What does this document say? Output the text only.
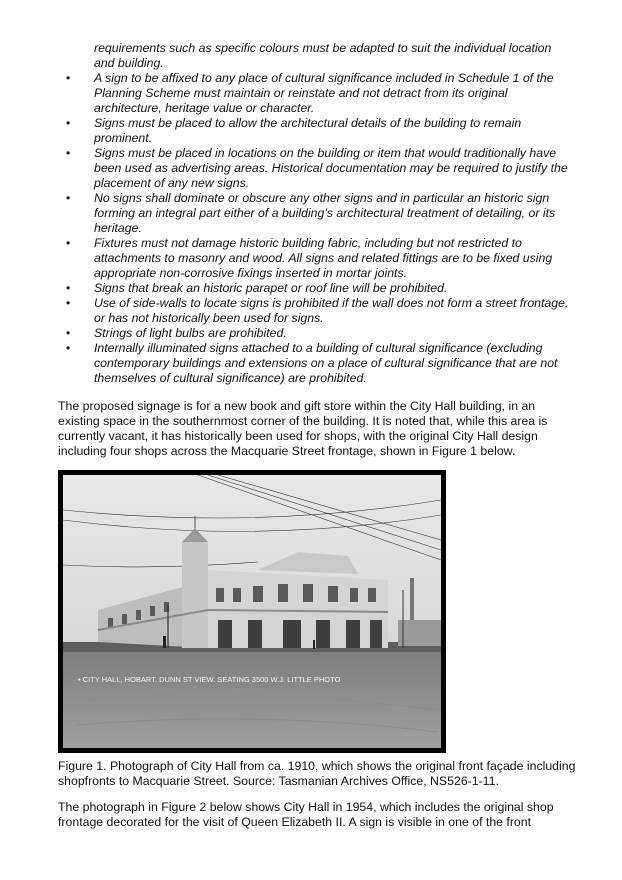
requirements such as specific colours must be adapted to suit the individual location and building.
• A sign to be affixed to any place of cultural significance included in Schedule 1 of the Planning Scheme must maintain or reinstate and not detract from its original architecture, heritage value or character.
• Signs must be placed to allow the architectural details of the building to remain prominent.
• Signs must be placed in locations on the building or item that would traditionally have been used as advertising areas. Historical documentation may be required to justify the placement of any new signs.
• No signs shall dominate or obscure any other signs and in particular an historic sign forming an integral part either of a building’s architectural treatment of detailing, or its heritage.
• Fixtures must not damage historic building fabric, including but not restricted to attachments to masonry and wood. All signs and related fittings are to be fixed using appropriate non-corrosive fixings inserted in mortar joints.
• Signs that break an historic parapet or roof line will be prohibited.
• Use of side-walls to locate signs is prohibited if the wall does not form a street frontage, or has not historically been used for signs.
• Strings of light bulbs are prohibited.
• Internally illuminated signs attached to a building of cultural significance (excluding contemporary buildings and extensions on a place of cultural significance that are not themselves of cultural significance) are prohibited.

The proposed signage is for a new book and gift store within the City Hall building, in an existing space in the southernmost corner of the building. It is noted that, while this area is currently vacant, it has historically been used for shops, with the original City Hall design including four shops across the Macquarie Street frontage, shown in Figure 1 below.

• CITY HALL, HOBART. DUNN ST VIEW. SEATING 3500 W.J. LITTLE PHOTO

Figure 1. Photograph of City Hall from ca. 1910, which shows the original front façade including shopfronts to Macquarie Street. Source: Tasmanian Archives Office, NS526-1-11.

The photograph in Figure 2 below shows City Hall in 1954, which includes the original shop frontage decorated for the visit of Queen Elizabeth II. A sign is visible in one of the front
